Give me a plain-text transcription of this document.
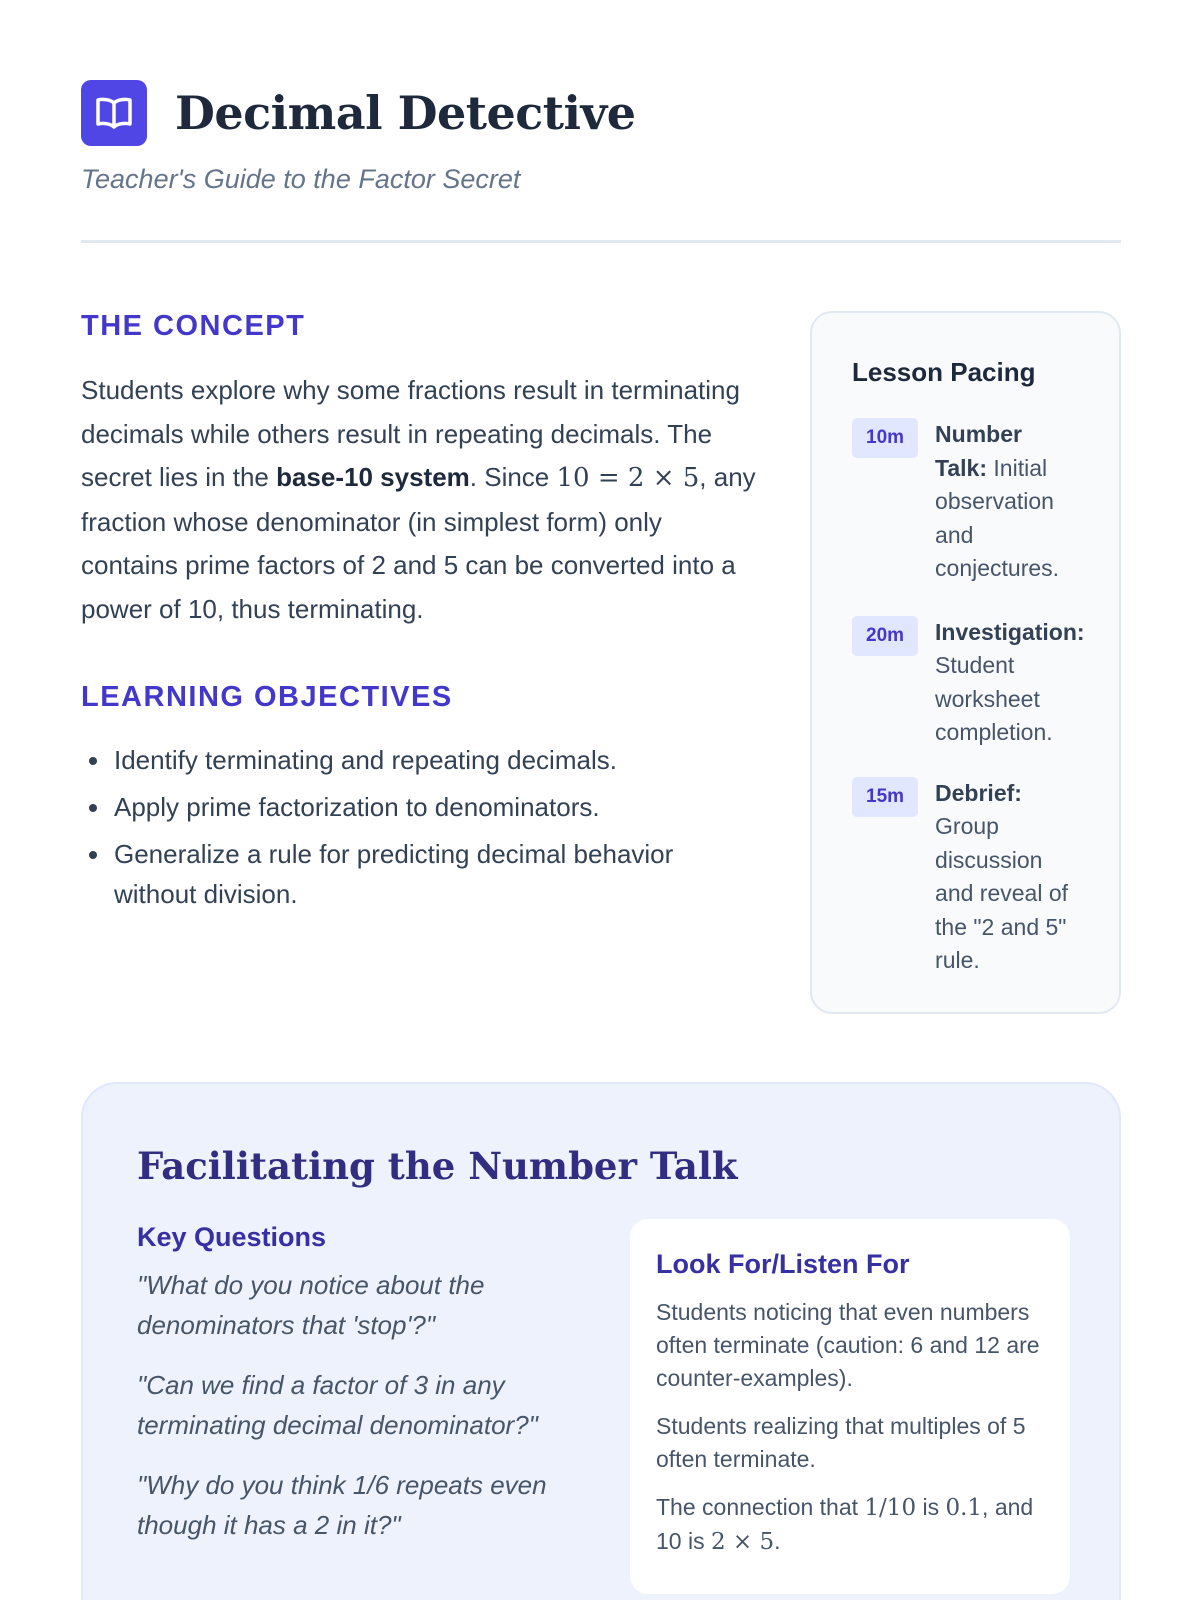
Decimal Detective
Teacher's Guide to the Factor Secret
THE CONCEPT

Students explore why some fractions result in terminating decimals while others result in repeating decimals. The secret lies in the base-10 system. Since 10 = 2 × 5, any fraction whose denominator (in simplest form) only contains prime factors of 2 and 5 can be converted into a power of 10, thus terminating.

LEARNING OBJECTIVES
Identify terminating and repeating decimals.
Apply prime factorization to denominators.
Generalize a rule for predicting decimal behavior without division.
Lesson Pacing
10m	Number Talk: Initial observation and conjectures.
20m	Investigation: Student worksheet completion.
15m	Debrief: Group discussion and reveal of the "2 and 5" rule.
Facilitating the Number Talk
Key Questions

"What do you notice about the denominators that 'stop'?"

"Can we find a factor of 3 in any terminating decimal denominator?"

"Why do you think 1/6 repeats even though it has a 2 in it?"

Look For/Listen For

Students noticing that even numbers often terminate (caution: 6 and 12 are counter-examples).

Students realizing that multiples of 5 often terminate.

The connection that 1/10 is 0.1, and 10 is 2 × 5.
